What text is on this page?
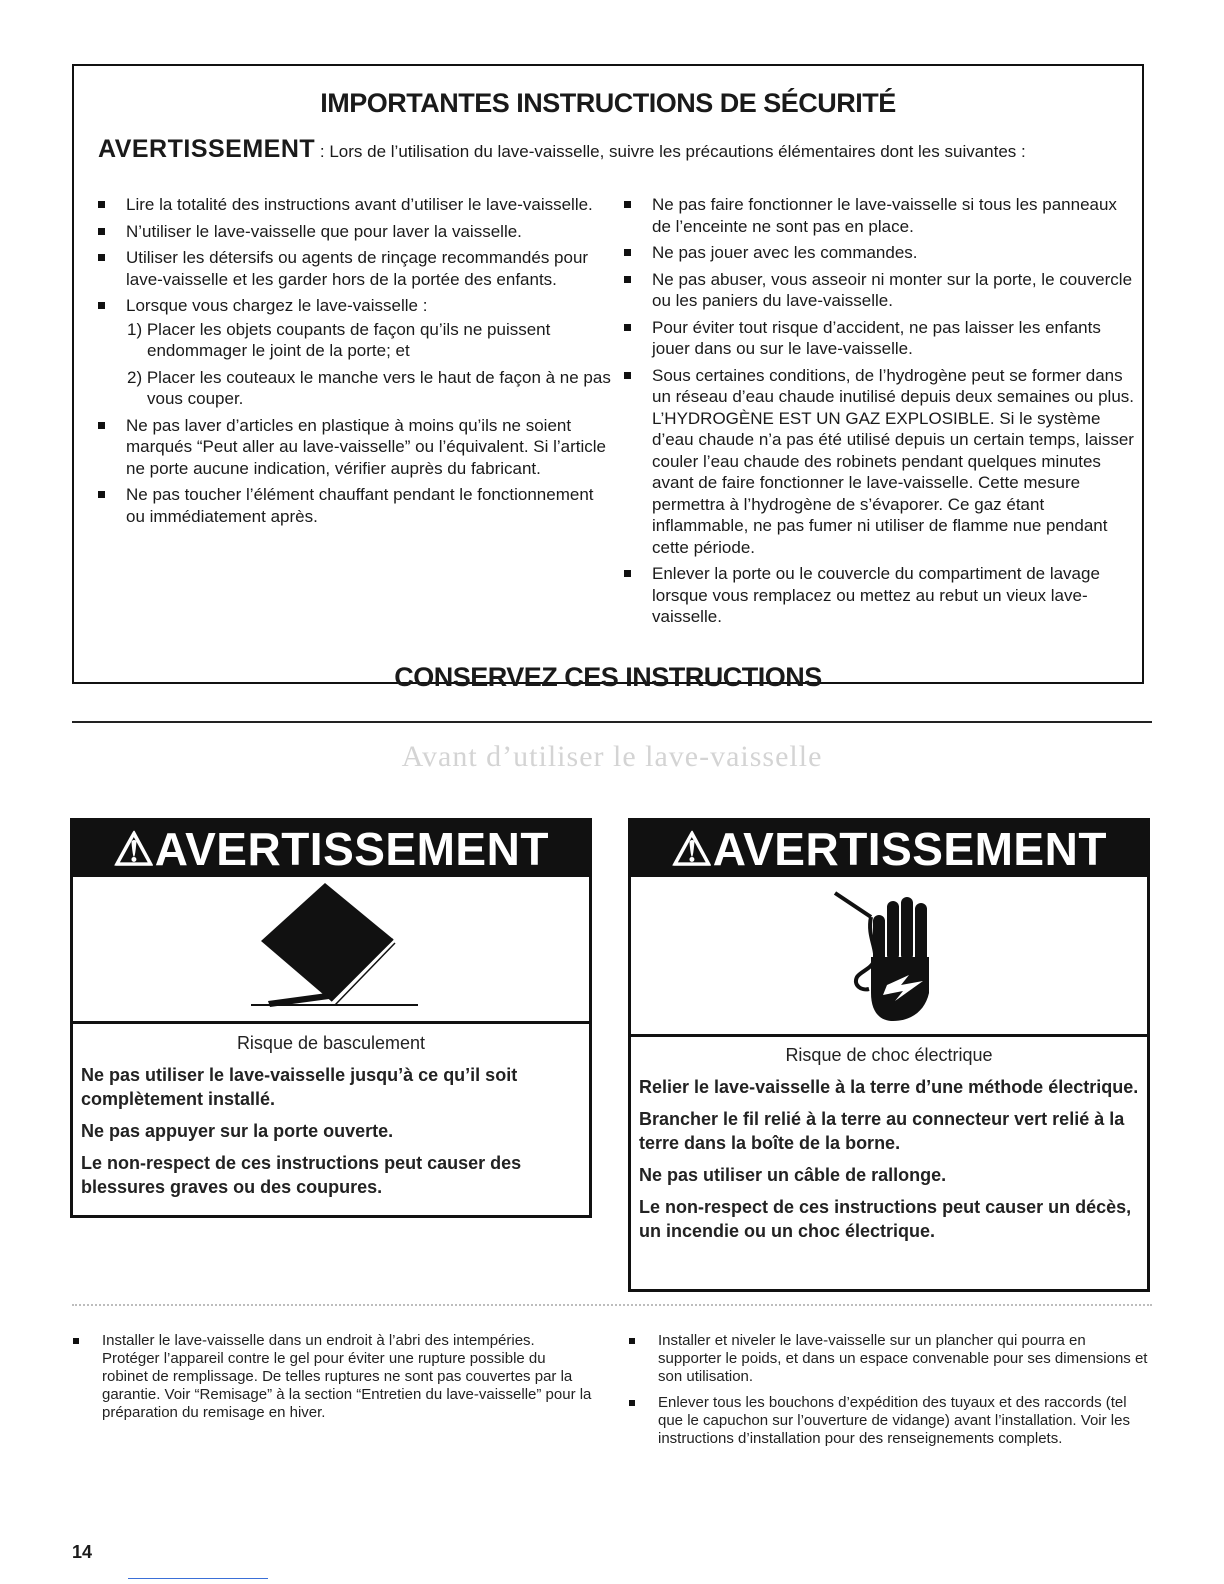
IMPORTANTES INSTRUCTIONS DE SÉCURITÉ
AVERTISSEMENT : Lors de l’utilisation du lave-vaisselle, suivre les précautions élémentaires dont les suivantes :
Lire la totalité des instructions avant d’utiliser le lave-vaisselle.
N’utiliser le lave-vaisselle que pour laver la vaisselle.
Utiliser les détersifs ou agents de rinçage recommandés pour lave-vaisselle et les garder hors de la portée des enfants.
Lorsque vous chargez le lave-vaisselle :
1) Placer les objets coupants de façon qu’ils ne puissent endommager le joint de la porte; et
2) Placer les couteaux le manche vers le haut de façon à ne pas vous couper.
Ne pas laver d’articles en plastique à moins qu’ils ne soient marqués “Peut aller au lave-vaisselle” ou l’équivalent. Si l’article ne porte aucune indication, vérifier auprès du fabricant.
Ne pas toucher l’élément chauffant pendant le fonctionnement ou immédiatement après.
Ne pas faire fonctionner le lave-vaisselle si tous les panneaux de l’enceinte ne sont pas en place.
Ne pas jouer avec les commandes.
Ne pas abuser, vous asseoir ni monter sur la porte, le couvercle ou les paniers du lave-vaisselle.
Pour éviter tout risque d’accident, ne pas laisser les enfants jouer dans ou sur le lave-vaisselle.
Sous certaines conditions, de l’hydrogène peut se former dans un réseau d’eau chaude inutilisé depuis deux semaines ou plus. L’HYDROGÈNE EST UN GAZ EXPLOSIBLE. Si le système d’eau chaude n’a pas été utilisé depuis un certain temps, laisser couler l’eau chaude des robinets pendant quelques minutes avant de faire fonctionner le lave-vaisselle. Cette mesure permettra à l’hydrogène de s’évaporer. Ce gaz étant inflammable, ne pas fumer ni utiliser de flamme nue pendant cette période.
Enlever la porte ou le couvercle du compartiment de lavage lorsque vous remplacez ou mettez au rebut un vieux lave-vaisselle.
CONSERVEZ CES INSTRUCTIONS
Avant d’utiliser le lave-vaisselle
⚠AVERTISSEMENT
Risque de basculement

Ne pas utiliser le lave-vaisselle jusqu’à ce qu’il soit complètement installé.

Ne pas appuyer sur la porte ouverte.

Le non-respect de ces instructions peut causer des blessures graves ou des coupures.

⚠AVERTISSEMENT
Risque de choc électrique

Relier le lave-vaisselle à la terre d’une méthode électrique.

Brancher le fil relié à la terre au connecteur vert relié à la terre dans la boîte de la borne.

Ne pas utiliser un câble de rallonge.

Le non-respect de ces instructions peut causer un décès, un incendie ou un choc électrique.

Installer le lave-vaisselle dans un endroit à l’abri des intempéries. Protéger l’appareil contre le gel pour éviter une rupture possible du robinet de remplissage. De telles ruptures ne sont pas couvertes par la garantie. Voir “Remisage” à la section “Entretien du lave-vaisselle” pour la préparation du remisage en hiver.
Installer et niveler le lave-vaisselle sur un plancher qui pourra en supporter le poids, et dans un espace convenable pour ses dimensions et son utilisation.
Enlever tous les bouchons d’expédition des tuyaux et des raccords (tel que le capuchon sur l’ouverture de vidange) avant l’installation. Voir les instructions d’installation pour des renseignements complets.
14
